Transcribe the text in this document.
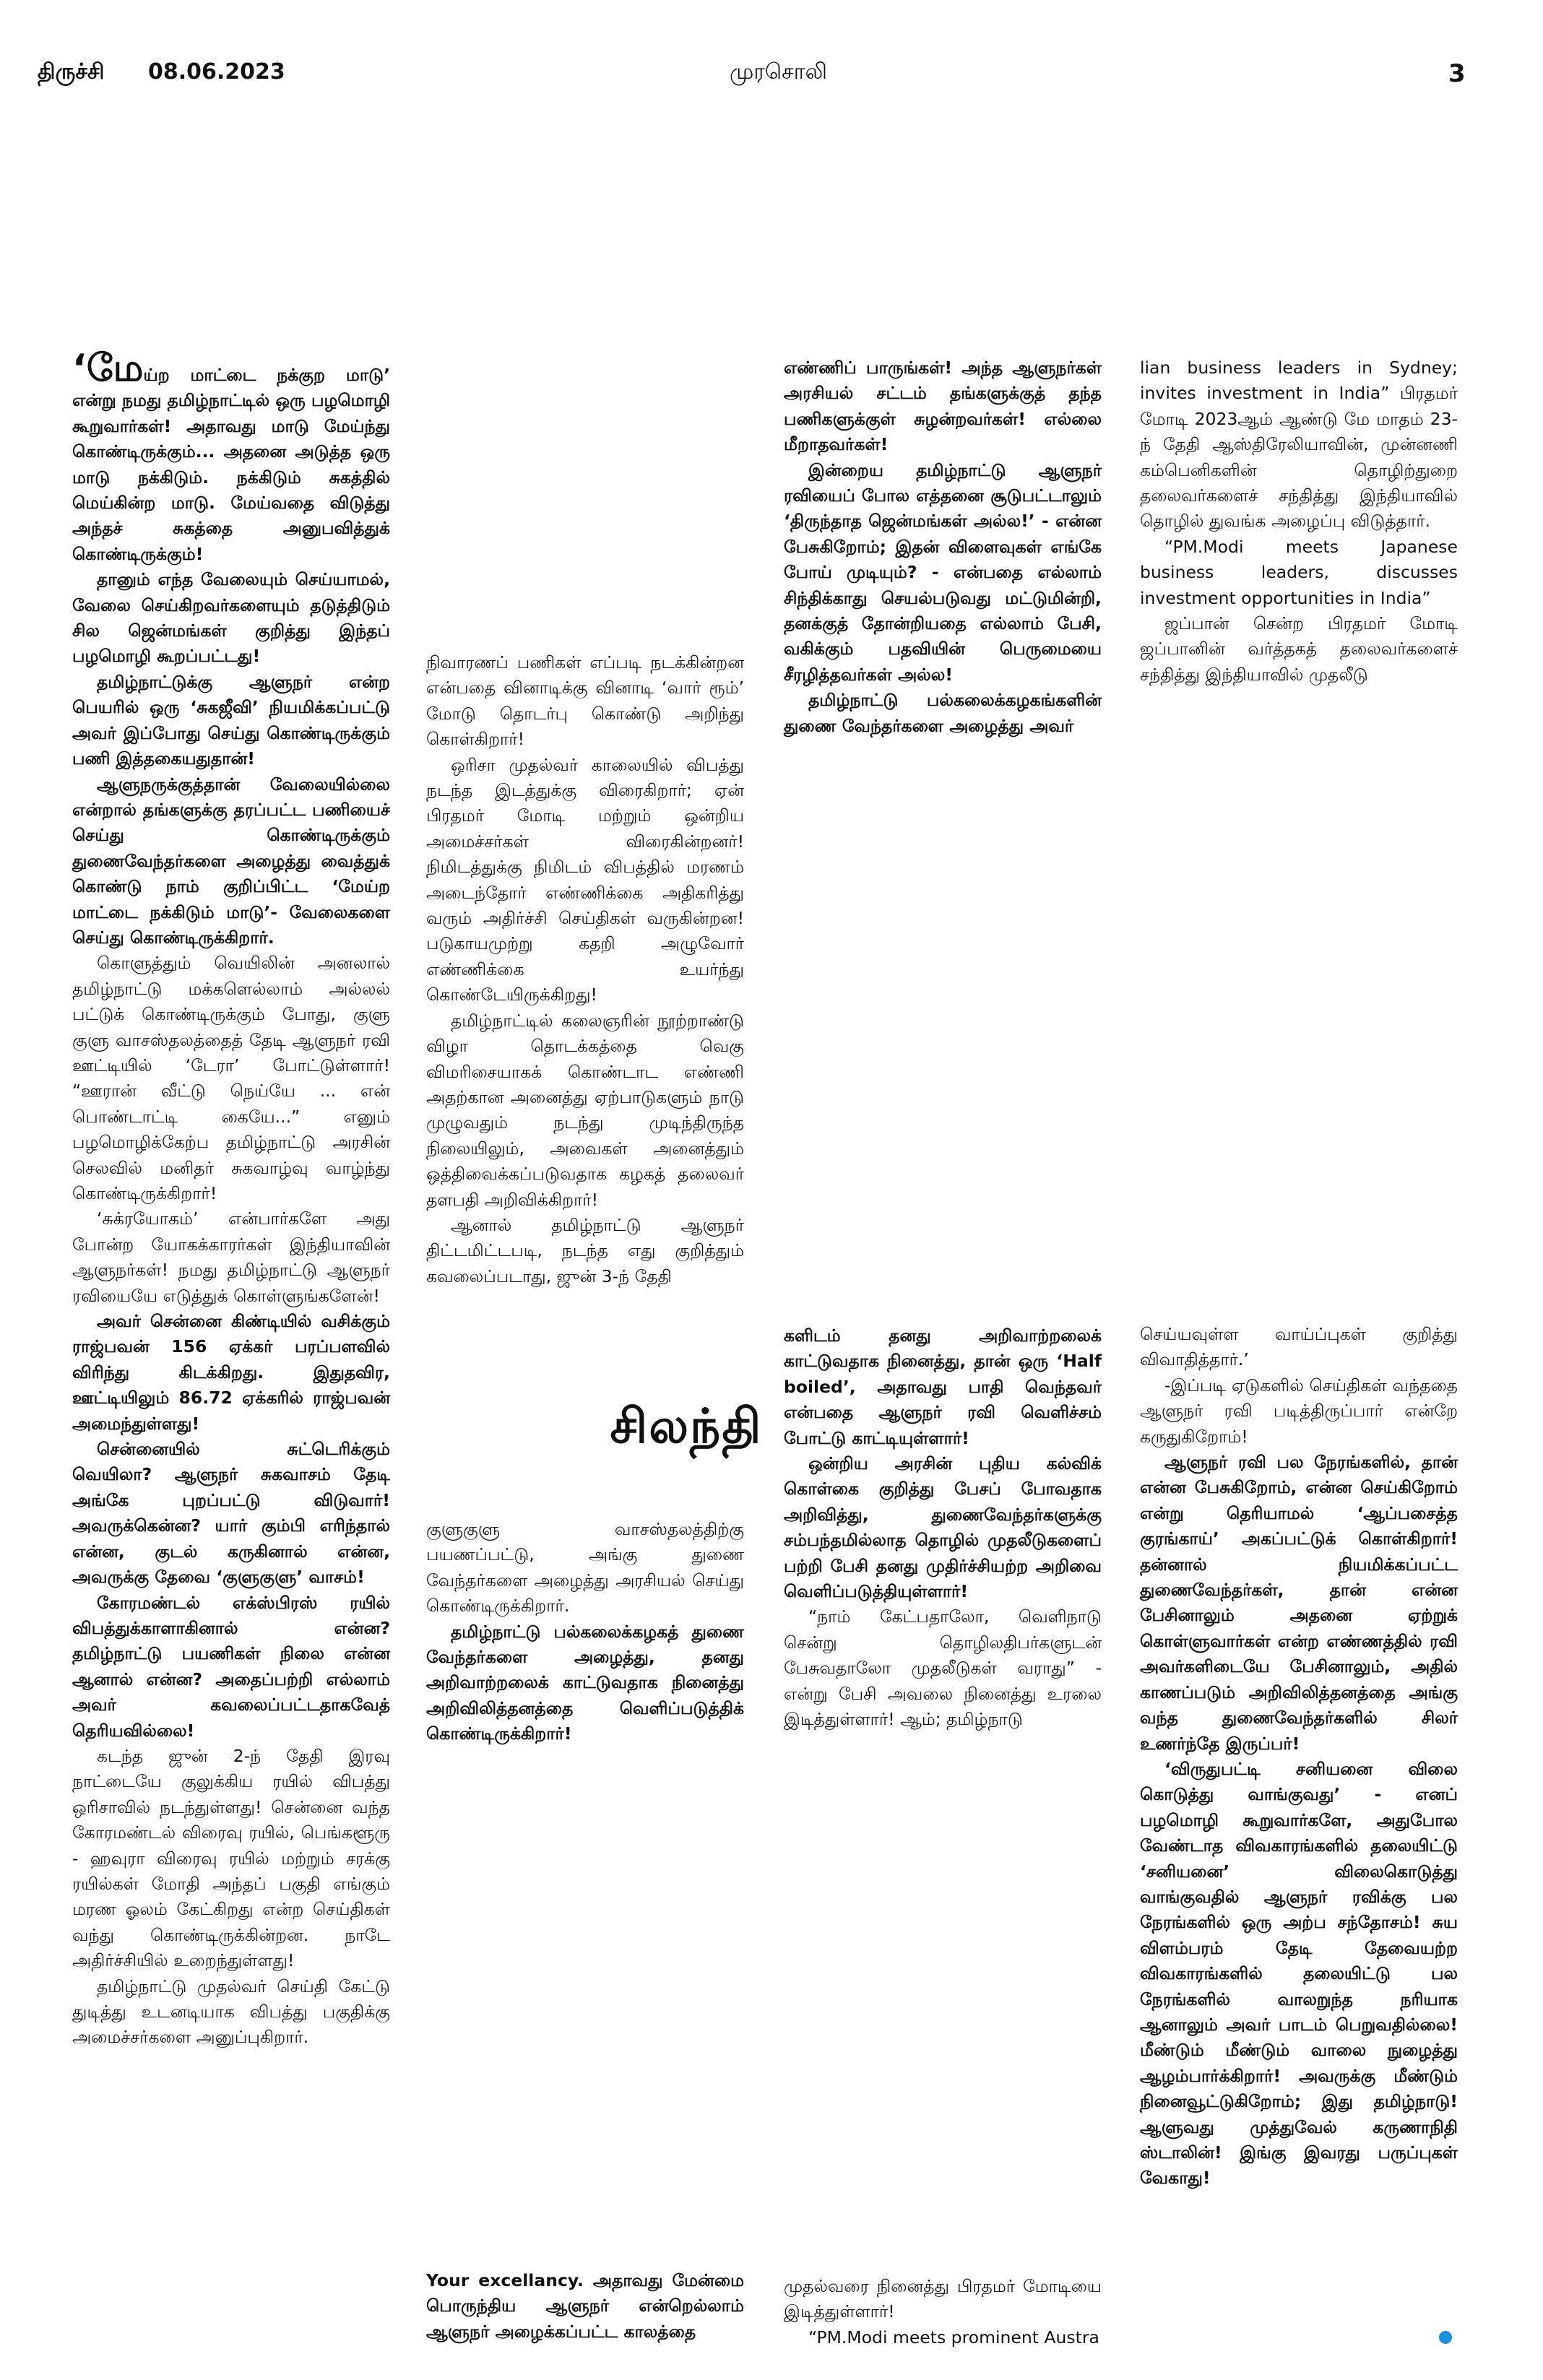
திருச்சி 08.06.2023	முரசொலி	3

‘மேய்ற மாட்டை நக்குற மாடு’ என்று நமது தமிழ்நாட்டில் ஒரு பழமொழி கூறுவார்கள்! அதாவது மாடு மேய்ந்து கொண்டிருக்கும்... அதனை அடுத்த ஒரு மாடு நக்கிடும். நக்கிடும் சுகத்தில் மெய்கின்ற மாடு. மேய்வதை விடுத்து அந்தச் சுகத்தை அனுபவித்துக் கொண்டிருக்கும்!

தானும் எந்த வேலையும் செய்யாமல், வேலை செய்கிறவர்களையும் தடுத்திடும் சில ஜென்மங்கள் குறித்து இந்தப் பழமொழி கூறப்பட்டது!

தமிழ்நாட்டுக்கு ஆளுநர் என்ற பெயரில் ஒரு ‘சுகஜீவி’ நியமிக்கப்பட்டு அவர் இப்போது செய்து கொண்டிருக்கும் பணி இத்தகையதுதான்!

ஆளுநருக்குத்தான் வேலையில்லை என்றால் தங்களுக்கு தரப்பட்ட பணியைச் செய்து கொண்டிருக்கும் துணைவேந்தர்களை அழைத்து வைத்துக் கொண்டு நாம் குறிப்பிட்ட ‘மேய்ற மாட்டை நக்கிடும் மாடு’- வேலைகளை செய்து கொண்டிருக்கிறார்.

கொளுத்தும் வெயிலின் அனலால் தமிழ்நாட்டு மக்களெல்லாம் அல்லல் பட்டுக் கொண்டிருக்கும் போது, குளு குளு வாசஸ்தலத்தைத் தேடி ஆளுநர் ரவி ஊட்டியில் ‘டேரா’ போட்டுள்ளார்! “ஊரான் வீட்டு நெய்யே ... என் பொண்டாட்டி கையே...” எனும் பழமொழிக்கேற்ப தமிழ்நாட்டு அரசின் செலவில் மனிதர் சுகவாழ்வு வாழ்ந்து கொண்டிருக்கிறார்!

‘சுக்ரயோகம்’ என்பார்களே அது போன்ற யோகக்காரர்கள் இந்தியாவின் ஆளுநர்கள்! நமது தமிழ்நாட்டு ஆளுநர் ரவியையே எடுத்துக் கொள்ளுங்களேன்!

அவர் சென்னை கிண்டியில் வசிக்கும் ராஜ்பவன் 156 ஏக்கர் பரப்பளவில் விரிந்து கிடக்கிறது. இதுதவிர, ஊட்டியிலும் 86.72 ஏக்கரில் ராஜ்பவன் அமைந்துள்ளது!

சென்னையில் சுட்டெரிக்கும் வெயிலா? ஆளுநர் சுகவாசம் தேடி அங்கே புறப்பட்டு விடுவார்! அவருக்கென்ன? யார் கும்பி எரிந்தால் என்ன, குடல் கருகினால் என்ன, அவருக்கு தேவை ‘குளுகுளு’ வாசம்!

கோரமண்டல் எக்ஸ்பிரஸ் ரயில் விபத்துக்காளாகினால் என்ன? தமிழ்நாட்டு பயணிகள் நிலை என்ன ஆனால் என்ன? அதைப்பற்றி எல்லாம் அவர் கவலைப்பட்டதாகவேத் தெரியவில்லை!

கடந்த ஜுன் 2-ந் தேதி இரவு நாட்டையே குலுக்கிய ரயில் விபத்து ஒரிசாவில் நடந்துள்ளது! சென்னை வந்த கோரமண்டல் விரைவு ரயில், பெங்களூரு - ஹவுரா விரைவு ரயில் மற்றும் சரக்கு ரயில்கள் மோதி அந்தப் பகுதி எங்கும் மரண ஓலம் கேட்கிறது என்ற செய்திகள் வந்து கொண்டிருக்கின்றன. நாடே அதிர்ச்சியில் உறைந்துள்ளது!

தமிழ்நாட்டு முதல்வர் செய்தி கேட்டு துடித்து உடனடியாக விபத்து பகுதிக்கு அமைச்சர்களை அனுப்புகிறார்.

நிவாரணப் பணிகள் எப்படி நடக்கின்றன என்பதை வினாடிக்கு வினாடி ‘வார் ரூம்’ மோடு தொடர்பு கொண்டு அறிந்து கொள்கிறார்!

ஒரிசா முதல்வர் காலையில் விபத்து நடந்த இடத்துக்கு விரைகிறார்; ஏன் பிரதமர் மோடி மற்றும் ஒன்றிய அமைச்சர்கள் விரைகின்றனர்! நிமிடத்துக்கு நிமிடம் விபத்தில் மரணம் அடைந்தோர் எண்ணிக்கை அதிகரித்து வரும் அதிர்ச்சி செய்திகள் வருகின்றன! படுகாயமுற்று கதறி அழுவோர் எண்ணிக்கை உயர்ந்து கொண்டேயிருக்கிறது!

தமிழ்நாட்டில் கலைஞரின் நூற்றாண்டு விழா தொடக்கத்தை வெகு விமரிசையாகக் கொண்டாட எண்ணி அதற்கான அனைத்து ஏற்பாடுகளும் நாடு முழுவதும் நடந்து முடிந்திருந்த நிலையிலும், அவைகள் அனைத்தும் ஒத்திவைக்கப்படுவதாக கழகத் தலைவர் தளபதி அறிவிக்கிறார்!

ஆனால் தமிழ்நாட்டு ஆளுநர் திட்டமிட்டபடி, நடந்த எது குறித்தும் கவலைப்படாது, ஜுன் 3-ந் தேதி

சிலந்தி

குளுகுளு வாசஸ்தலத்திற்கு பயணப்பட்டு, அங்கு துணை வேந்தர்களை அழைத்து அரசியல் செய்து கொண்டிருக்கிறார்.

தமிழ்நாட்டு பல்கலைக்கழகத் துணை வேந்தர்களை அழைத்து, தனது அறிவாற்றலைக் காட்டுவதாக நினைத்து அறிவிலித்தனத்தை வெளிப்படுத்திக் கொண்டிருக்கிறார்!

Your excellancy. அதாவது மேன்மை பொருந்திய ஆளுநர் என்றெல்லாம் ஆளுநர் அழைக்கப்பட்ட காலத்தை

எண்ணிப் பாருங்கள்! அந்த ஆளுநர்கள் அரசியல் சட்டம் தங்களுக்குத் தந்த பணிகளுக்குள் சுழன்றவர்கள்! எல்லை மீறாதவர்கள்!

இன்றைய தமிழ்நாட்டு ஆளுநர் ரவியைப் போல எத்தனை சூடுபட்டாலும் ‘திருந்தாத ஜென்மங்கள் அல்ல!’ - என்ன பேசுகிறோம்; இதன் விளைவுகள் எங்கே போய் முடியும்? - என்பதை எல்லாம் சிந்திக்காது செயல்படுவது மட்டுமின்றி, தனக்குத் தோன்றியதை எல்லாம் பேசி, வகிக்கும் பதவியின் பெருமையை சீரழித்தவர்கள் அல்ல!

தமிழ்நாட்டு பல்கலைக்கழகங்களின் துணை வேந்தர்களை அழைத்து அவர்

களிடம் தனது அறிவாற்றலைக் காட்டுவதாக நினைத்து, தான் ஒரு ‘Half boiled’, அதாவது பாதி வெந்தவர் என்பதை ஆளுநர் ரவி வெளிச்சம் போட்டு காட்டியுள்ளார்!

ஒன்றிய அரசின் புதிய கல்விக் கொள்கை குறித்து பேசப் போவதாக அறிவித்து, துணைவேந்தர்களுக்கு சம்பந்தமில்லாத தொழில் முதலீடுகளைப் பற்றி பேசி தனது முதிர்ச்சியற்ற அறிவை வெளிப்படுத்தியுள்ளார்!

“நாம் கேட்பதாலோ, வெளிநாடு சென்று தொழிலதிபர்களுடன் பேசுவதாலோ முதலீடுகள் வராது” - என்று பேசி அவலை நினைத்து உரலை இடித்துள்ளார்! ஆம்; தமிழ்நாடு

முதல்வரை நினைத்து பிரதமர் மோடியை இடித்துள்ளார்!

“PM.Modi meets prominent Austra

lian business leaders in Sydney; invites investment in India” பிரதமர் மோடி 2023ஆம் ஆண்டு மே மாதம் 23-ந் தேதி ஆஸ்திரேலியாவின், முன்னணி கம்பெனிகளின் தொழிற்துறை தலைவர்களைச் சந்தித்து இந்தியாவில் தொழில் துவங்க அழைப்பு விடுத்தார்.

“PM.Modi meets Japanese business leaders, discusses investment opportunities in India”

ஜப்பான் சென்ற பிரதமர் மோடி ஜப்பானின் வர்த்தகத் தலைவர்களைச் சந்தித்து இந்தியாவில் முதலீடு

செய்யவுள்ள வாய்ப்புகள் குறித்து விவாதித்தார்.’

-இப்படி ஏடுகளில் செய்திகள் வந்ததை ஆளுநர் ரவி படித்திருப்பார் என்றே கருதுகிறோம்!

ஆளுநர் ரவி பல நேரங்களில், தான் என்ன பேசுகிறோம், என்ன செய்கிறோம் என்று தெரியாமல் ‘ஆப்பசைத்த குரங்காய்’ அகப்பட்டுக் கொள்கிறார்! தன்னால் நியமிக்கப்பட்ட துணைவேந்தர்கள், தான் என்ன பேசினாலும் அதனை ஏற்றுக் கொள்ளுவார்கள் என்ற எண்ணத்தில் ரவி அவர்களிடையே பேசினாலும், அதில் காணப்படும் அறிவிலித்தனத்தை அங்கு வந்த துணைவேந்தர்களில் சிலர் உணர்ந்தே இருப்பர்!

‘விருதுபட்டி சனியனை விலை கொடுத்து வாங்குவது’ - எனப் பழமொழி கூறுவார்களே, அதுபோல வேண்டாத விவகாரங்களில் தலையிட்டு ‘சனியனை’ விலைகொடுத்து வாங்குவதில் ஆளுநர் ரவிக்கு பல நேரங்களில் ஒரு அற்ப சந்தோசம்! சுய விளம்பரம் தேடி தேவையற்ற விவகாரங்களில் தலையிட்டு பல நேரங்களில் வாலறுந்த நரியாக ஆனாலும் அவர் பாடம் பெறுவதில்லை! மீண்டும் மீண்டும் வாலை நுழைத்து ஆழம்பார்க்கிறார்! அவருக்கு மீண்டும் நினைவூட்டுகிறோம்; இது தமிழ்நாடு! ஆளுவது முத்துவேல் கருணாநிதி ஸ்டாலின்! இங்கு இவரது பருப்புகள் வேகாது!
